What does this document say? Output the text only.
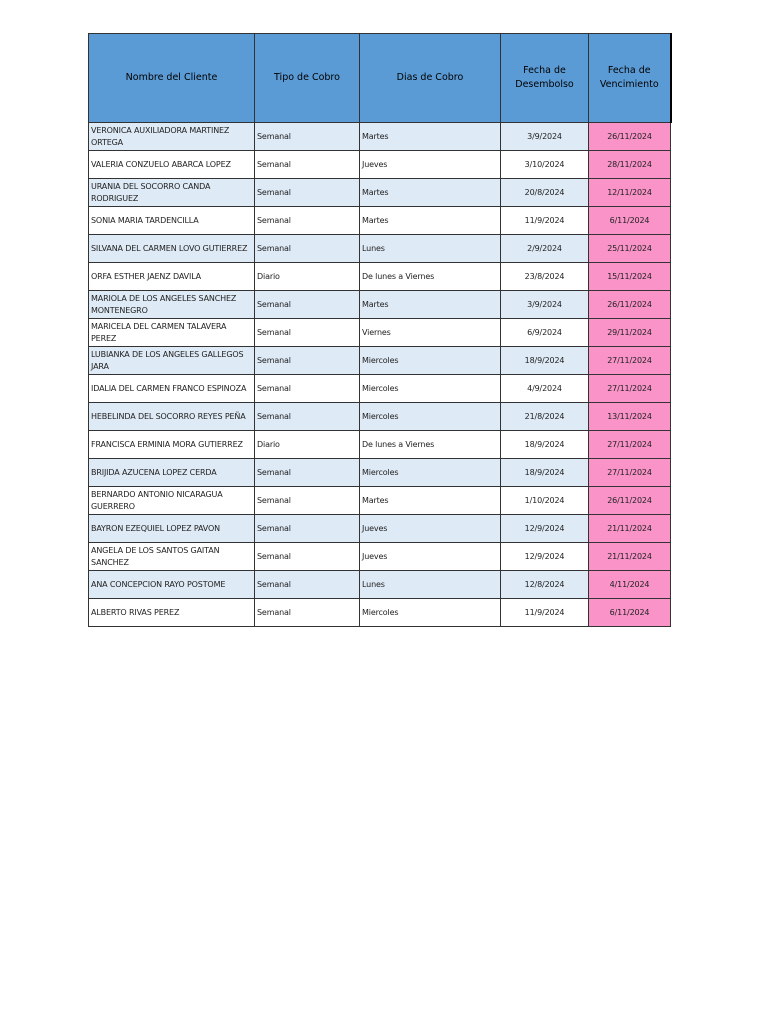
Nombre del Cliente	Tipo de Cobro	Dias de Cobro	Fecha de Desembolso	Fecha de Vencimiento
VERONICA AUXILIADORA MARTINEZ ORTEGA	Semanal	Martes	3/9/2024	26/11/2024
VALERIA CONZUELO ABARCA LOPEZ	Semanal	Jueves	3/10/2024	28/11/2024
URANIA DEL SOCORRO CANDA RODRIGUEZ	Semanal	Martes	20/8/2024	12/11/2024
SONIA MARIA TARDENCILLA	Semanal	Martes	11/9/2024	6/11/2024
SILVANA DEL CARMEN LOVO GUTIERREZ	Semanal	Lunes	2/9/2024	25/11/2024
ORFA ESTHER JAENZ DAVILA	Diario	De lunes a Viernes	23/8/2024	15/11/2024
MARIOLA DE LOS ANGELES SANCHEZ MONTENEGRO	Semanal	Martes	3/9/2024	26/11/2024
MARICELA DEL CARMEN TALAVERA PEREZ	Semanal	Viernes	6/9/2024	29/11/2024
LUBIANKA DE LOS ANGELES GALLEGOS JARA	Semanal	Miercoles	18/9/2024	27/11/2024
IDALIA DEL CARMEN FRANCO ESPINOZA	Semanal	Miercoles	4/9/2024	27/11/2024
HEBELINDA DEL SOCORRO REYES PEÑA	Semanal	Miercoles	21/8/2024	13/11/2024
FRANCISCA ERMINIA MORA GUTIERREZ	Diario	De lunes a Viernes	18/9/2024	27/11/2024
BRIJIDA AZUCENA LOPEZ CERDA	Semanal	Miercoles	18/9/2024	27/11/2024
BERNARDO ANTONIO NICARAGUA GUERRERO	Semanal	Martes	1/10/2024	26/11/2024
BAYRON EZEQUIEL LOPEZ PAVON	Semanal	Jueves	12/9/2024	21/11/2024
ANGELA DE LOS SANTOS GAITAN SANCHEZ	Semanal	Jueves	12/9/2024	21/11/2024
ANA CONCEPCION RAYO POSTOME	Semanal	Lunes	12/8/2024	4/11/2024
ALBERTO RIVAS PEREZ	Semanal	Miercoles	11/9/2024	6/11/2024
